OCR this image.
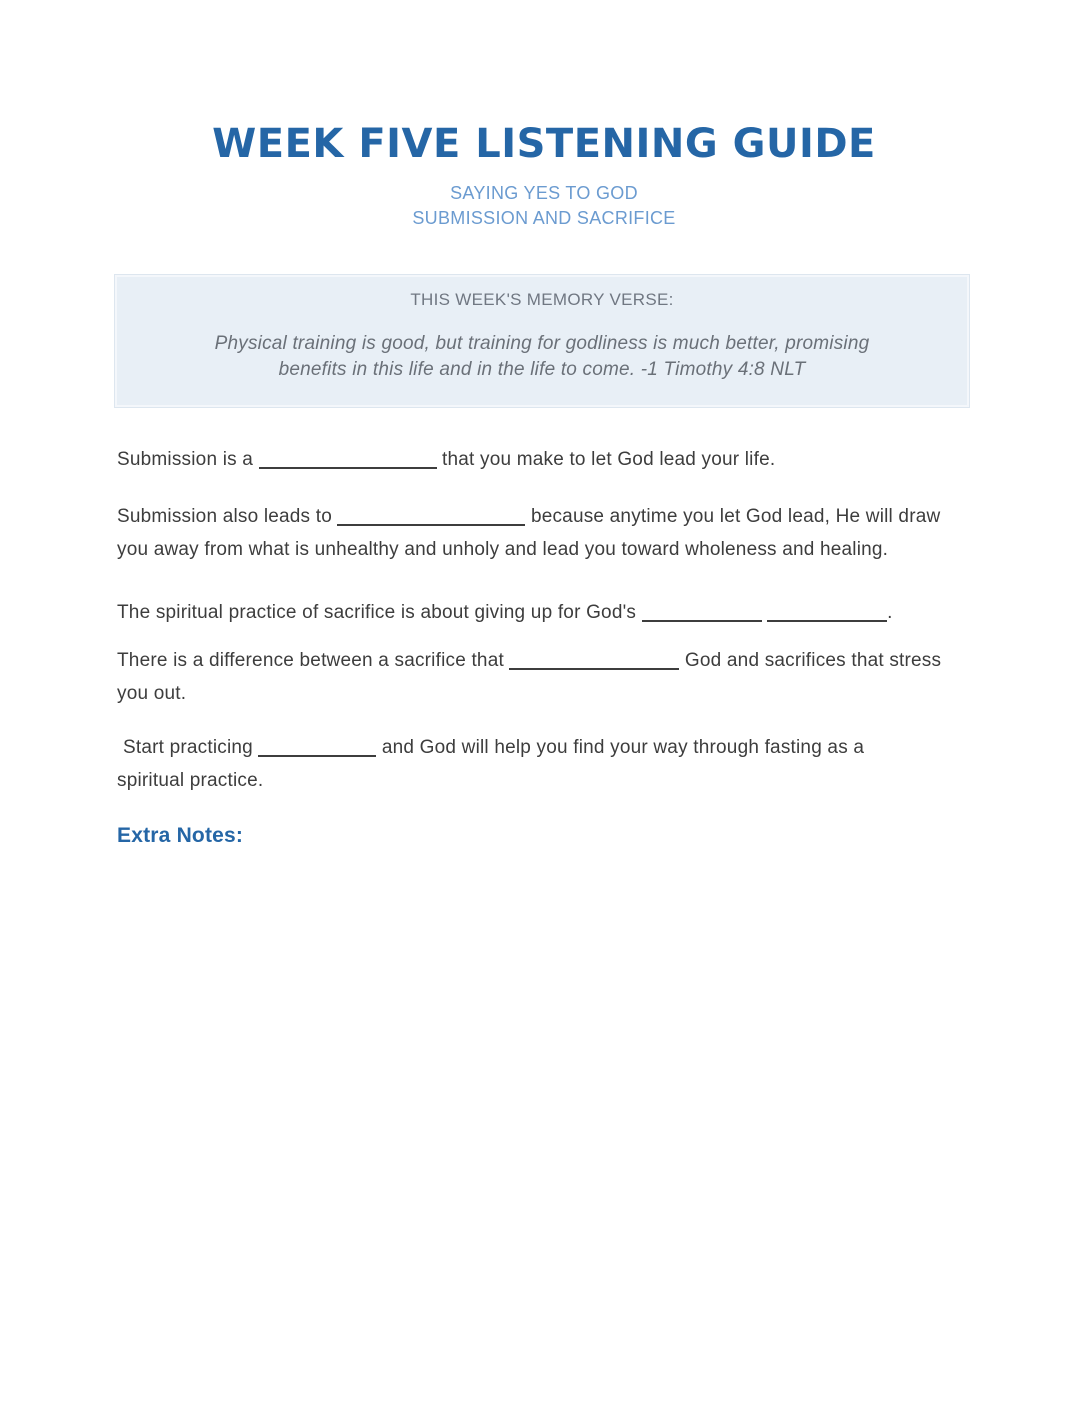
WEEK FIVE LISTENING GUIDE
SAYING YES TO GOD
SUBMISSION AND SACRIFICE
THIS WEEK'S MEMORY VERSE:
Physical training is good, but training for godliness is much better, promising
benefits in this life and in the life to come. -1 Timothy 4:8 NLT
Submission is a	that you make to let God lead your life.
Submission also leads to	because anytime you let God lead, He will draw
you away from what is unhealthy and unholy and lead you toward wholeness and healing.
The spiritual practice of sacrifice is about giving up for God's	.
There is a difference between a sacrifice that	God and sacrifices that stress
you out.
Start practicing	and God will help you find your way through fasting as a
spiritual practice.
Extra Notes:
